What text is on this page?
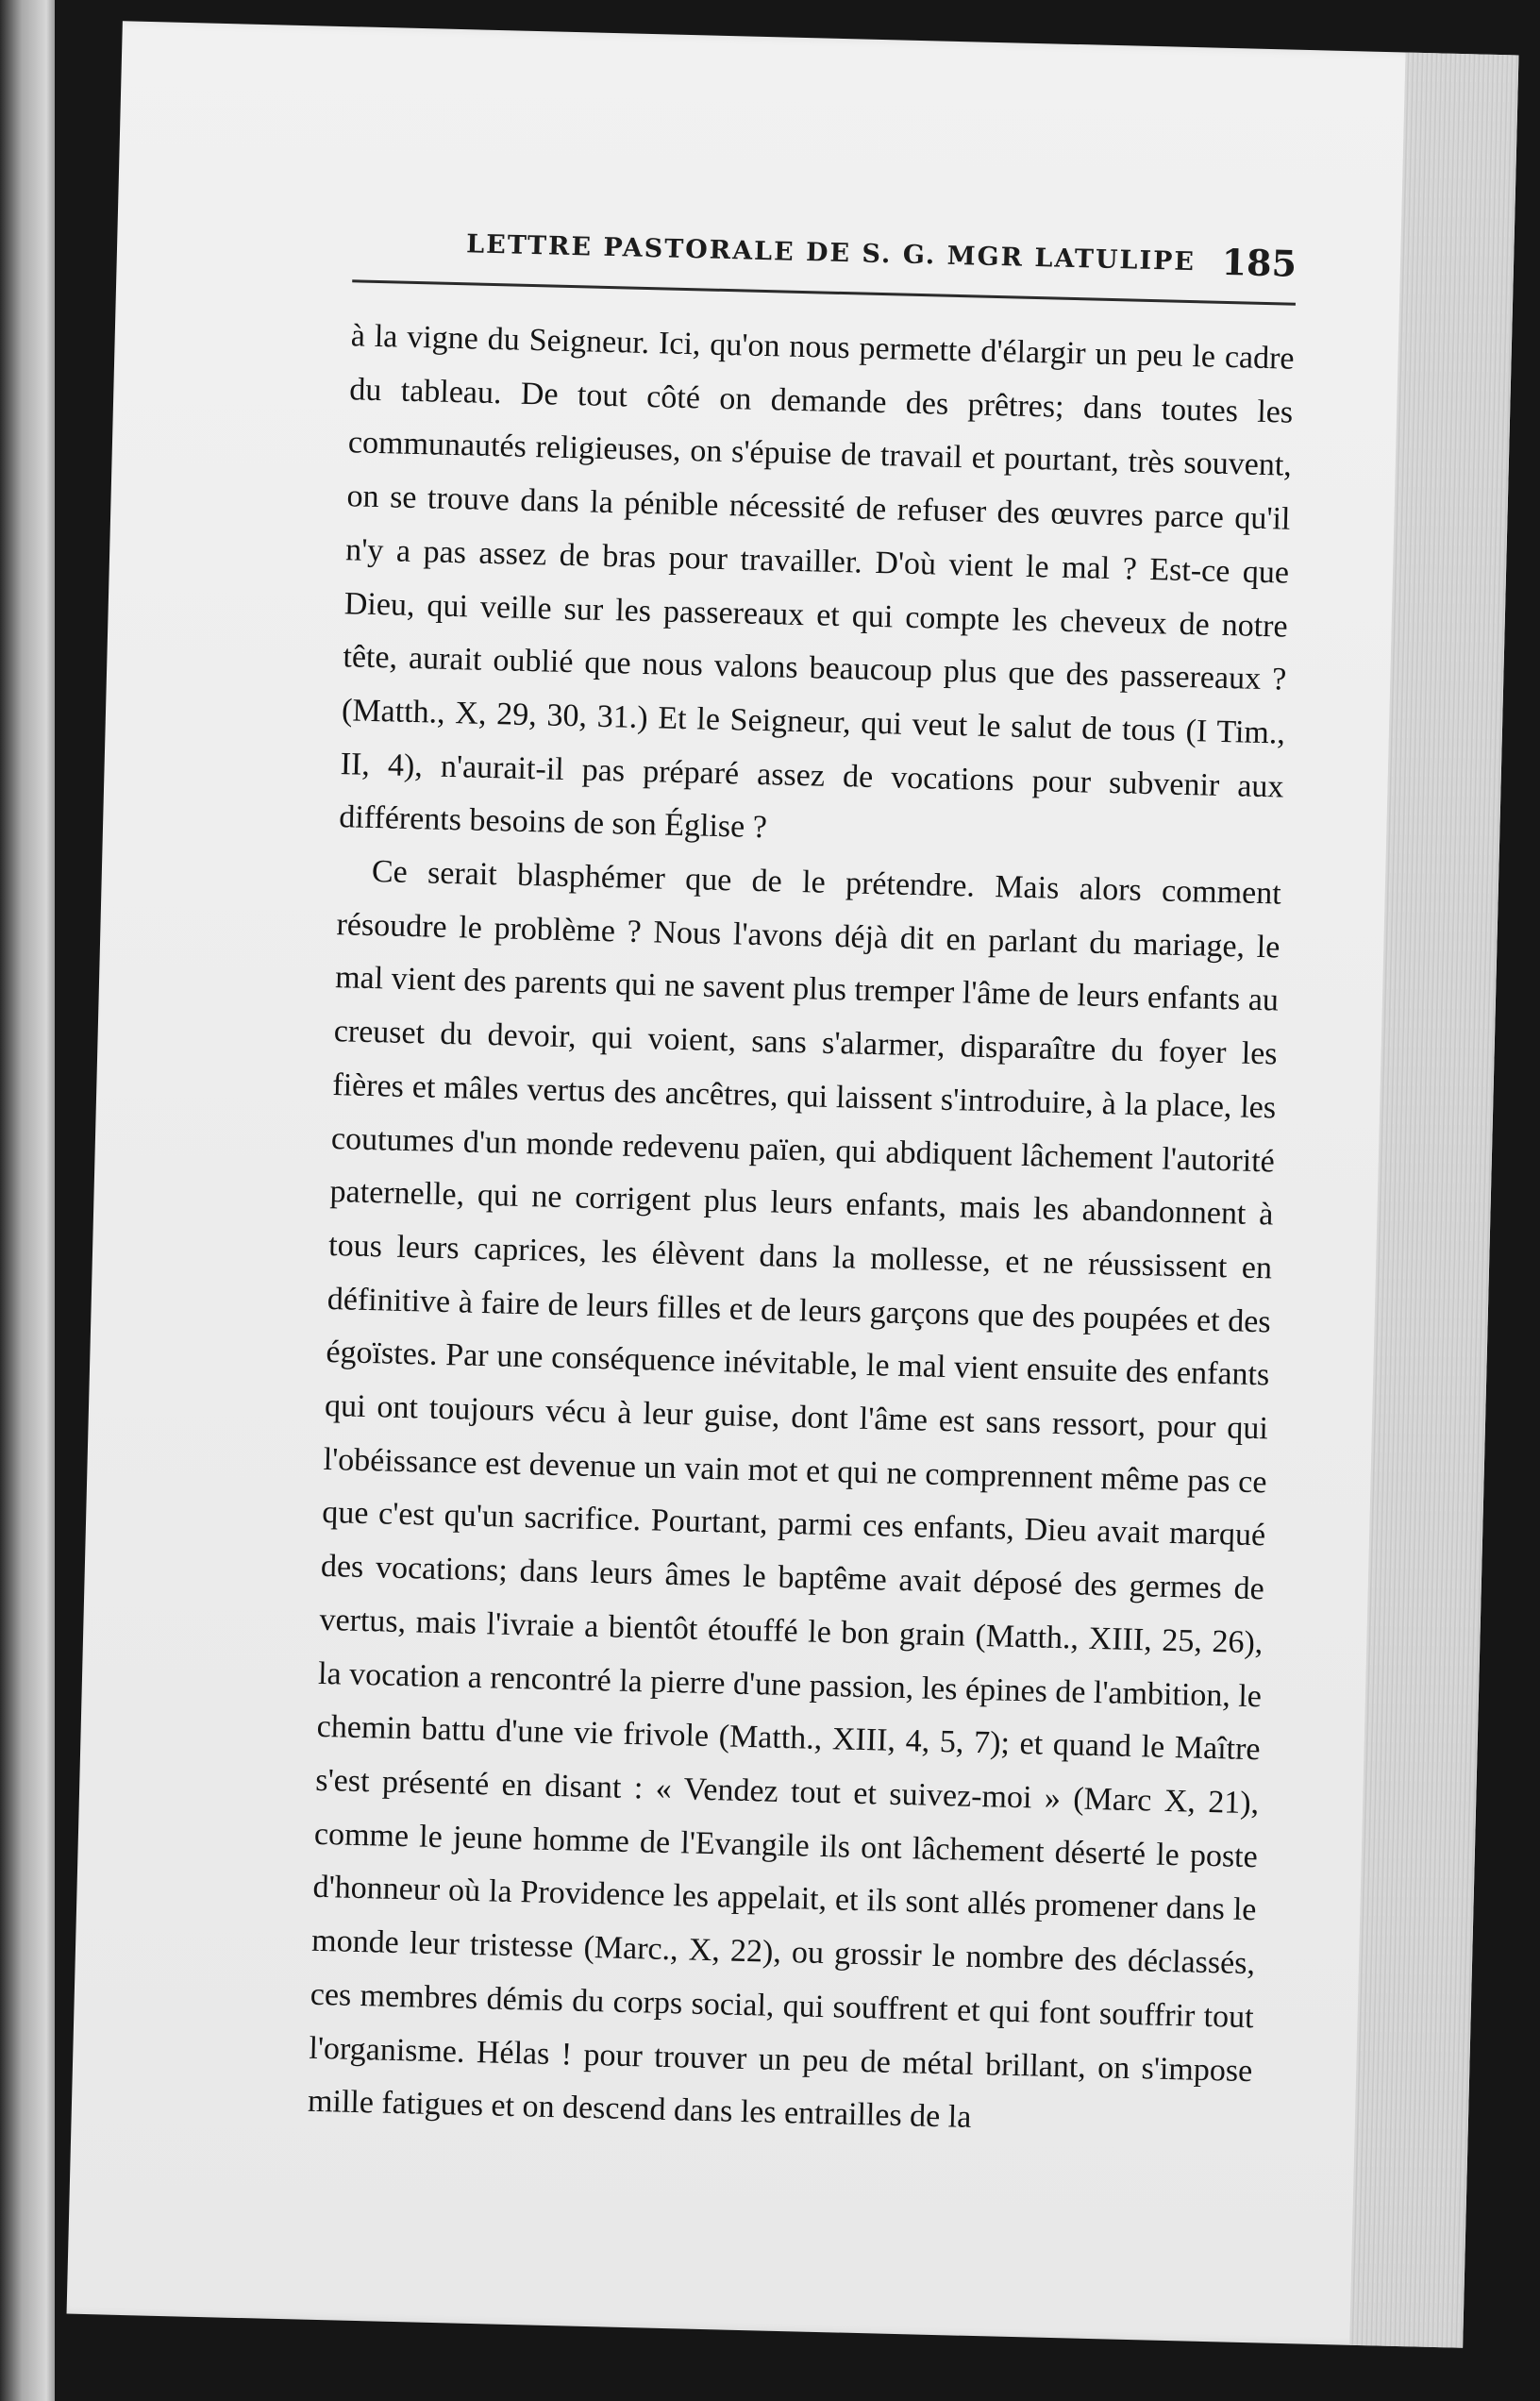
LETTRE PASTORALE DE S. G. MGR LATULIPE 185

à la vigne du Seigneur. Ici, qu'on nous permette d'élargir un peu le cadre du tableau. De tout côté on demande des prêtres; dans toutes les communautés religieuses, on s'épuise de travail et pourtant, très souvent, on se trouve dans la pénible nécessité de refuser des œuvres parce qu'il n'y a pas assez de bras pour travailler. D'où vient le mal ? Est-ce que Dieu, qui veille sur les passereaux et qui compte les cheveux de notre tête, aurait oublié que nous valons beaucoup plus que des passereaux ? (Matth., X, 29, 30, 31.) Et le Seigneur, qui veut le salut de tous (I Tim., II, 4), n'aurait-il pas préparé assez de vocations pour subvenir aux différents besoins de son Église ?

Ce serait blasphémer que de le prétendre. Mais alors comment résoudre le problème ? Nous l'avons déjà dit en parlant du mariage, le mal vient des parents qui ne savent plus tremper l'âme de leurs enfants au creuset du devoir, qui voient, sans s'alarmer, disparaître du foyer les fières et mâles vertus des ancêtres, qui laissent s'introduire, à la place, les coutumes d'un monde redevenu païen, qui abdiquent lâchement l'autorité paternelle, qui ne corrigent plus leurs enfants, mais les abandonnent à tous leurs caprices, les élèvent dans la mollesse, et ne réussissent en définitive à faire de leurs filles et de leurs garçons que des poupées et des égoïstes. Par une conséquence inévitable, le mal vient ensuite des enfants qui ont toujours vécu à leur guise, dont l'âme est sans ressort, pour qui l'obéissance est devenue un vain mot et qui ne comprennent même pas ce que c'est qu'un sacrifice. Pourtant, parmi ces enfants, Dieu avait marqué des vocations; dans leurs âmes le baptême avait déposé des germes de vertus, mais l'ivraie a bientôt étouffé le bon grain (Matth., XIII, 25, 26), la vocation a rencontré la pierre d'une passion, les épines de l'ambition, le chemin battu d'une vie frivole (Matth., XIII, 4, 5, 7); et quand le Maître s'est présenté en disant : « Vendez tout et suivez-moi » (Marc X, 21), comme le jeune homme de l'Evangile ils ont lâchement déserté le poste d'honneur où la Providence les appelait, et ils sont allés promener dans le monde leur tristesse (Marc., X, 22), ou grossir le nombre des déclassés, ces membres démis du corps social, qui souffrent et qui font souffrir tout l'organisme. Hélas ! pour trouver un peu de métal brillant, on s'impose mille fatigues et on descend dans les entrailles de la
